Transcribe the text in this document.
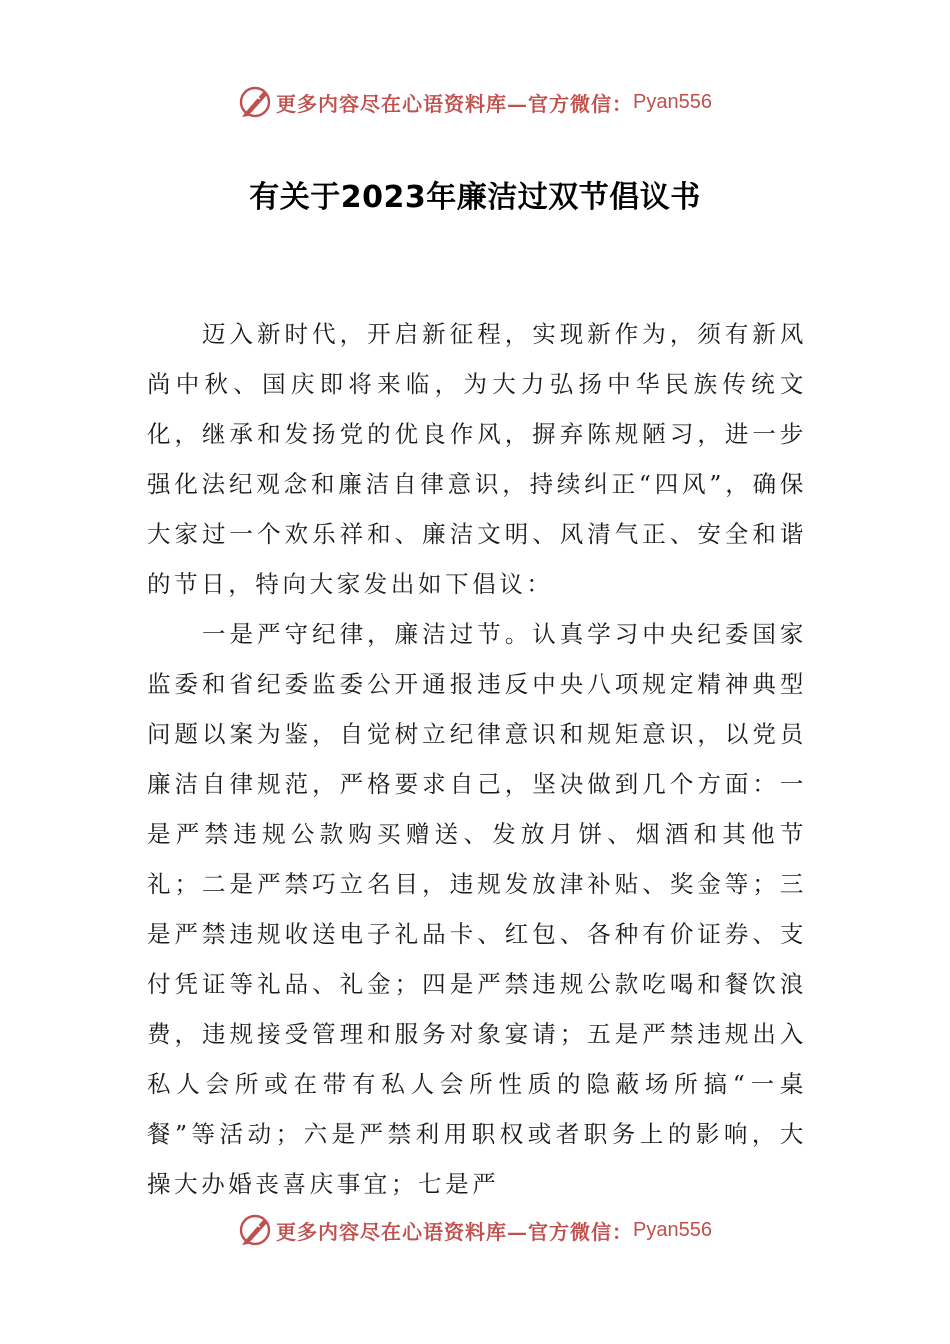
更多内容尽在心语资料库—官方微信： Pyan556
有关于2023年廉洁过双节倡议书

迈入新时代，开启新征程，实现新作为，须有新风尚中秋、国庆即将来临，为大力弘扬中华民族传统文化，继承和发扬党的优良作风，摒弃陈规陋习，进一步强化法纪观念和廉洁自律意识，持续纠正“四风”，确保大家过一个欢乐祥和、廉洁文明、风清气正、安全和谐的节日，特向大家发出如下倡议：

一是严守纪律，廉洁过节。认真学习中央纪委国家监委和省纪委监委公开通报违反中央八项规定精神典型问题以案为鉴，自觉树立纪律意识和规矩意识，以党员廉洁自律规范，严格要求自己，坚决做到几个方面：一是严禁违规公款购买赠送、发放月饼、烟酒和其他节礼；二是严禁巧立名目，违规发放津补贴、奖金等；三是严禁违规收送电子礼品卡、红包、各种有价证券、支付凭证等礼品、礼金；四是严禁违规公款吃喝和餐饮浪费，违规接受管理和服务对象宴请；五是严禁违规出入私人会所或在带有私人会所性质的隐蔽场所搞“一桌餐”等活动；六是严禁利用职权或者职务上的影响，大操大办婚丧喜庆事宜；七是严

更多内容尽在心语资料库—官方微信： Pyan556
